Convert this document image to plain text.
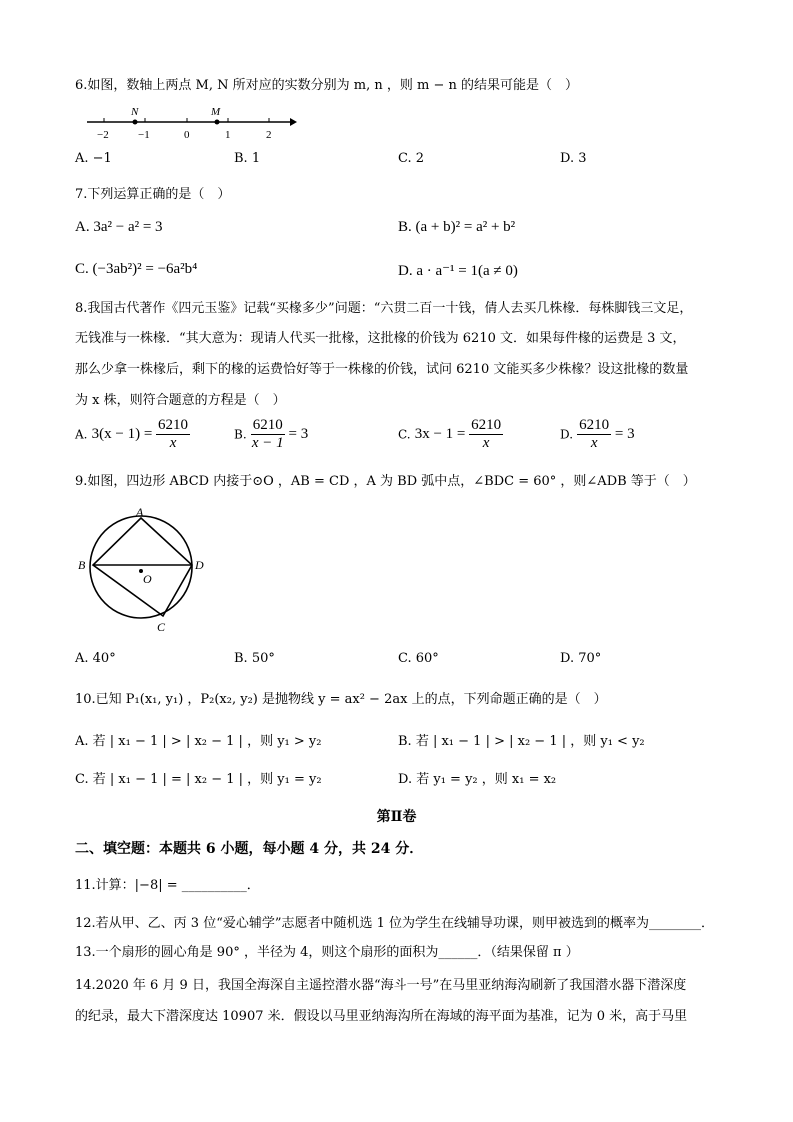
6.如图，数轴上两点 M, N 所对应的实数分别为 m, n ，则 m − n 的结果可能是（　）
N	M
−2	−1	0	1	2
A. −1	B. 1	C. 2	D. 3
7.下列运算正确的是（　）
A. 3a² − a² = 3	B. (a + b)² = a² + b²
C. (−3ab²)² = −6a²b⁴	D. a · a⁻¹ = 1(a ≠ 0)
8.我国古代著作《四元玉鉴》记载“买椽多少”问题：“六贯二百一十钱，倩人去买几株椽．每株脚钱三文足，
无钱准与一株椽．“其大意为：现请人代买一批椽，这批椽的价钱为 6210 文．如果每件椽的运费是 3 文，
那么少拿一株椽后，剩下的椽的运费恰好等于一株椽的价钱，试问 6210 文能买多少株椽？设这批椽的数量
为 x 株，则符合题意的方程是（　）
A. $3(x - 1) = \frac{6210}{x}$	B. $\frac{6210}{x - 1} = 3$	C. $3x - 1 = \frac{6210}{x}$	D. $\frac{6210}{x} = 3$
9.如图，四边形 ABCD 内接于⊙O ，AB = CD ，A 为 BD 弧中点，∠BDC = 60° ，则∠ADB 等于（　）
A
B	D
C
O
A. 40°	B. 50°	C. 60°	D. 70°
10.已知 P₁(x₁, y₁) ，P₂(x₂, y₂) 是抛物线 y = ax² − 2ax 上的点，下列命题正确的是（　）
A. 若 | x₁ − 1 | > | x₂ − 1 | ，则 y₁ > y₂	B. 若 | x₁ − 1 | > | x₂ − 1 | ，则 y₁ < y₂
C. 若 | x₁ − 1 | = | x₂ − 1 | ，则 y₁ = y₂	D. 若 y₁ = y₂ ，则 x₁ = x₂
第Ⅱ卷
二、填空题：本题共 6 小题，每小题 4 分，共 24 分．
11.计算：|−8| = __________．
12.若从甲、乙、丙 3 位“爱心辅学”志愿者中随机选 1 位为学生在线辅导功课，则甲被选到的概率为________．
13.一个扇形的圆心角是 90° ，半径为 4，则这个扇形的面积为______．（结果保留 π ）
14.2020 年 6 月 9 日，我国全海深自主遥控潜水器“海斗一号”在马里亚纳海沟刷新了我国潜水器下潜深度
的纪录，最大下潜深度达 10907 米．假设以马里亚纳海沟所在海域的海平面为基准，记为 0 米，高于马里
